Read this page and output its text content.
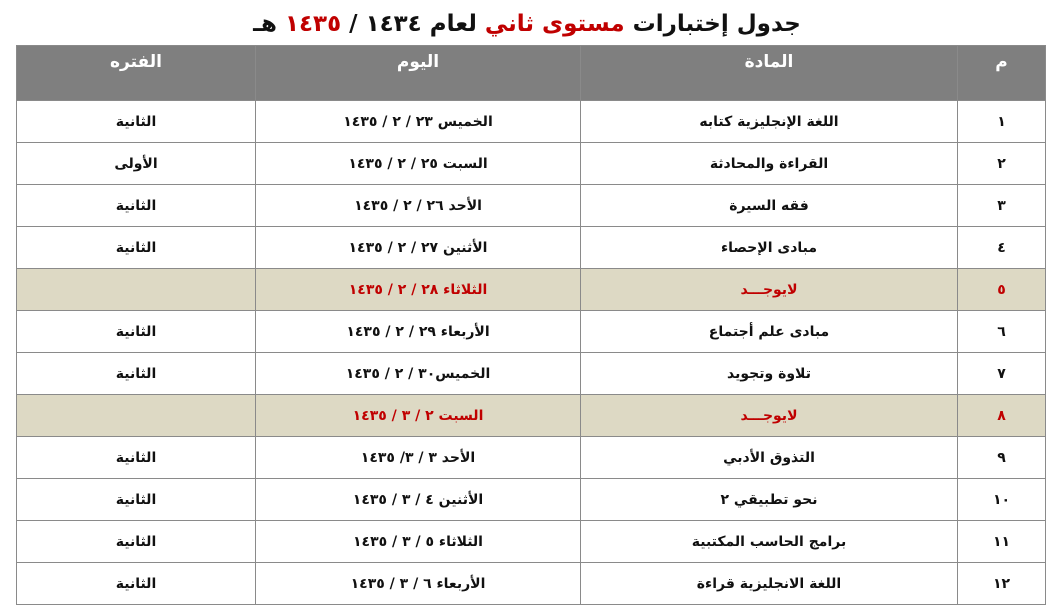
جدول إختبارات مستوى ثاني لعام ١٤٣٤ / ١٤٣٥ هـ
م	المادة	اليوم	الفتره
١	اللغة الإنجليزية كتابه	الخميس ٢٣ / ٢ / ١٤٣٥	الثانية
٢	القراءة والمحادثة	السبت ٢٥ / ٢ / ١٤٣٥	الأولى
٣	فقه السيرة	الأحد ٢٦ / ٢ / ١٤٣٥	الثانية
٤	مبادى الإحصاء	الأثنين ٢٧ / ٢ / ١٤٣٥	الثانية
٥	لايوجـــد	الثلاثاء ٢٨ / ٢ / ١٤٣٥	
٦	مبادى علم أجتماع	الأربعاء ٢٩ / ٢ / ١٤٣٥	الثانية
٧	تلاوة وتجويد	الخميس٣٠ / ٢ / ١٤٣٥	الثانية
٨	لايوجـــد	السبت ٢ / ٣ / ١٤٣٥	
٩	التذوق الأدبي	الأحد ٣ / ٣/ ١٤٣٥	الثانية
١٠	نحو تطبيقي ٢	الأثنين ٤ / ٣ / ١٤٣٥	الثانية
١١	برامج الحاسب المكتبية	الثلاثاء ٥ / ٣ / ١٤٣٥	الثانية
١٢	اللغة الانجليزية قراءة	الأربعاء ٦ / ٣ / ١٤٣٥	الثانية
